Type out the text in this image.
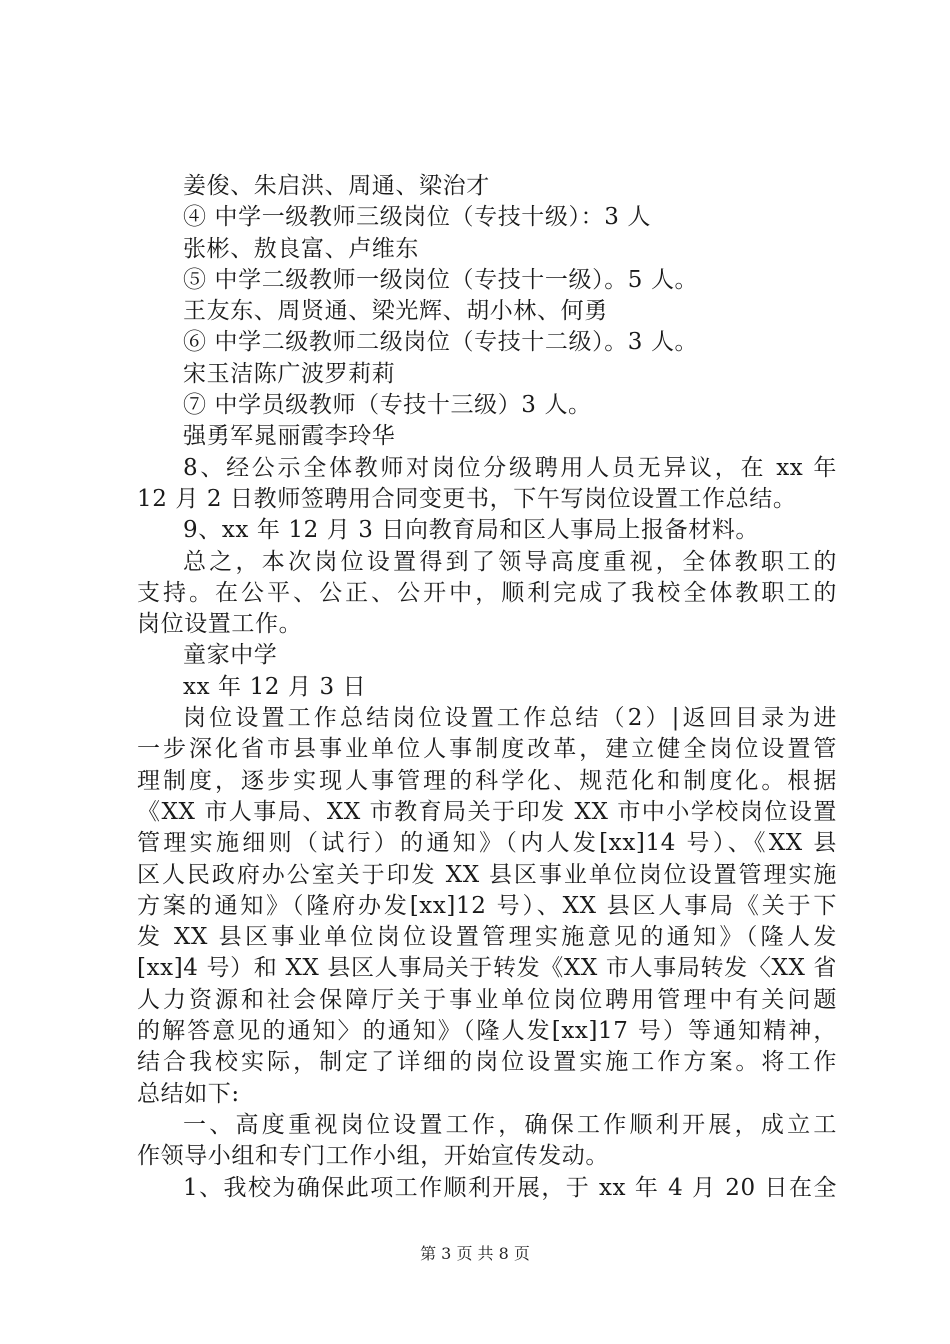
姜俊、朱启洪、周通、梁治才
④ 中学一级教师三级岗位（专技十级）：3 人
张彬、敖良富、卢维东
⑤ 中学二级教师一级岗位（专技十一级）。5 人。
王友东、周贤通、梁光辉、胡小林、何勇
⑥ 中学二级教师二级岗位（专技十二级）。3 人。
宋玉洁陈广波罗莉莉
⑦ 中学员级教师（专技十三级）3 人。
强勇军晁丽霞李玲华
8、经公示全体教师对岗位分级聘用人员无异议，在 xx 年
12 月 2 日教师签聘用合同变更书，下午写岗位设置工作总结。
9、xx 年 12 月 3 日向教育局和区人事局上报备材料。
总之，本次岗位设置得到了领导高度重视，全体教职工的
支持。在公平、公正、公开中，顺利完成了我校全体教职工的
岗位设置工作。
童家中学
xx 年 12 月 3 日
岗位设置工作总结岗位设置工作总结（2）|返回目录为进
一步深化省市县事业单位人事制度改革，建立健全岗位设置管
理制度，逐步实现人事管理的科学化、规范化和制度化。根据
《XX 市人事局、XX 市教育局关于印发 XX 市中小学校岗位设置
管理实施细则（试行）的通知》（内人发[xx]14 号）、《XX 县
区人民政府办公室关于印发 XX 县区事业单位岗位设置管理实施
方案的通知》（隆府办发[xx]12 号）、XX 县区人事局《关于下
发 XX 县区事业单位岗位设置管理实施意见的通知》（隆人发
[xx]4 号）和 XX 县区人事局关于转发《XX 市人事局转发〈XX 省
人力资源和社会保障厅关于事业单位岗位聘用管理中有关问题
的解答意见的通知〉的通知》（隆人发[xx]17 号）等通知精神，
结合我校实际，制定了详细的岗位设置实施工作方案。将工作
总结如下:
一、高度重视岗位设置工作，确保工作顺利开展，成立工
作领导小组和专门工作小组，开始宣传发动。
1、我校为确保此项工作顺利开展，于 xx 年 4 月 20 日在全
第 3 页 共 8 页
